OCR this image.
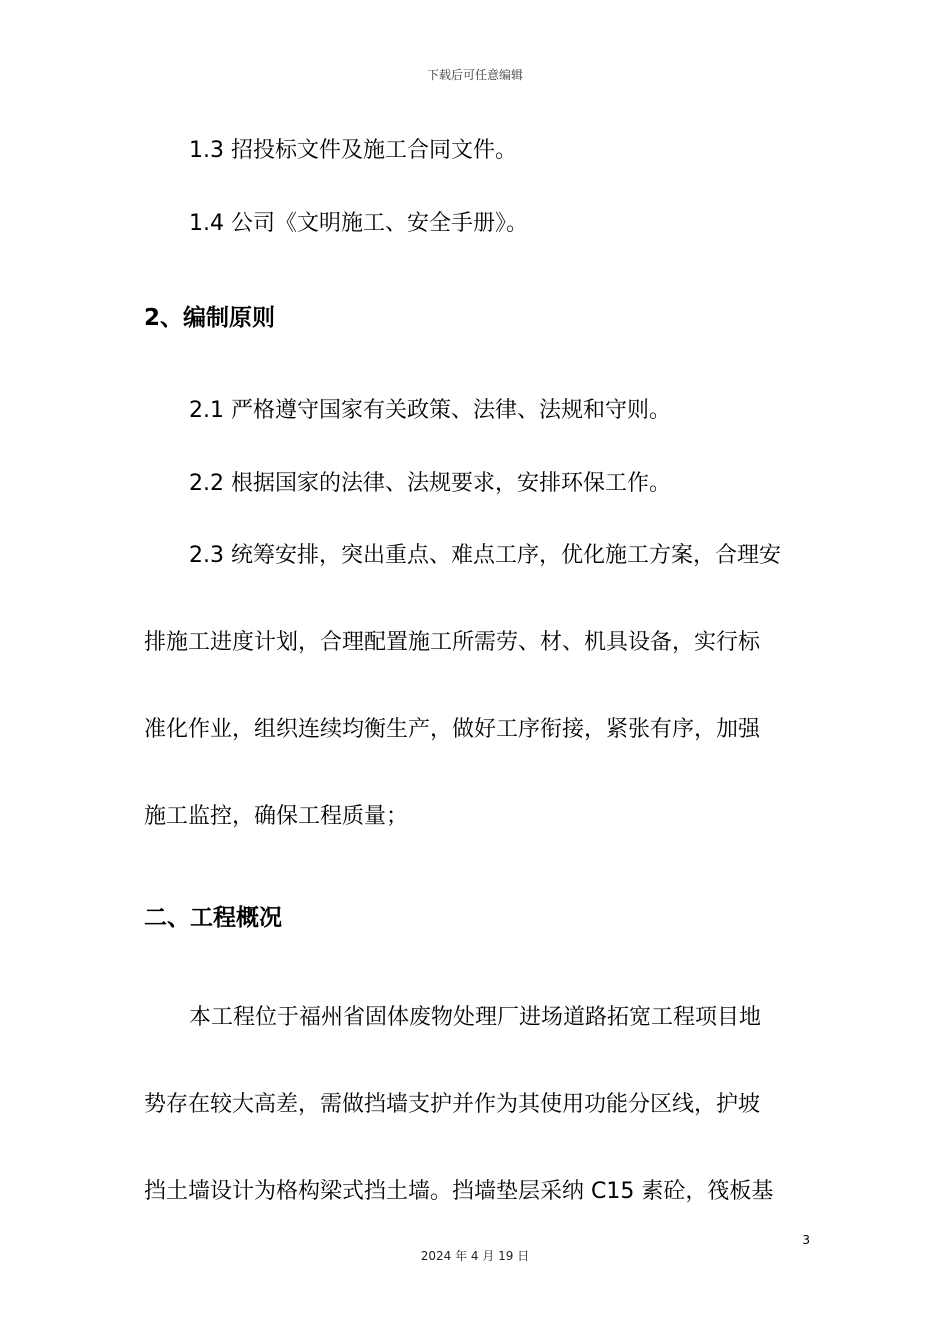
下载后可任意编辑
1.3 招投标文件及施工合同文件。
1.4 公司《文明施工、安全手册》。
2、编制原则
2.1 严格遵守国家有关政策、法律、法规和守则。
2.2 根据国家的法律、法规要求，安排环保工作。
2.3 统筹安排，突出重点、难点工序，优化施工方案，合理安
排施工进度计划，合理配置施工所需劳、材、机具设备，实行标
准化作业，组织连续均衡生产，做好工序衔接，紧张有序，加强
施工监控，确保工程质量；
二、工程概况
本工程位于福州省固体废物处理厂进场道路拓宽工程项目地
势存在较大高差，需做挡墙支护并作为其使用功能分区线，护坡
挡土墙设计为格构梁式挡土墙。挡墙垫层采纳 C15 素砼，筏板基
3
2024 年 4 月 19 日
